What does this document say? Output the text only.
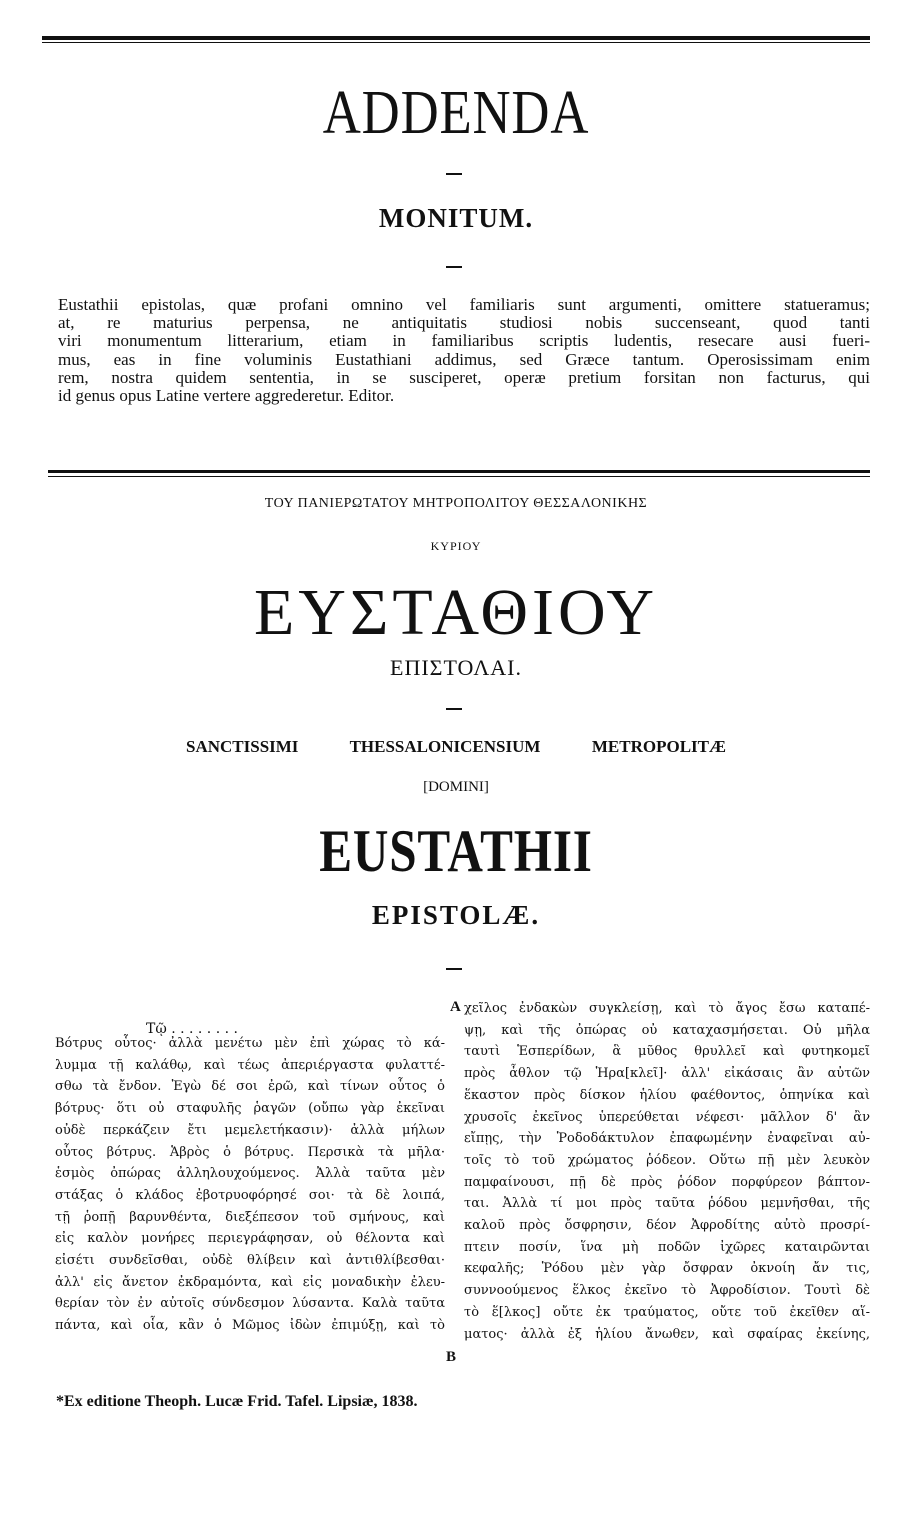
ADDENDA
MONITUM.
Eustathii epistolas, quæ profani omnino vel familiaris sunt argumenti, omittere statueramus;
at, re maturius perpensa, ne antiquitatis studiosi nobis succenseant, quod tanti
viri monumentum litterarium, etiam in familiaribus scriptis ludentis, resecare ausi fueri-
mus, eas in fine voluminis Eustathiani addimus, sed Græce tantum. Operosissimam enim
rem, nostra quidem sententia, in se susciperet, operæ pretium forsitan non facturus, qui
id genus opus Latine vertere aggrederetur. Editor.
ΤΟΥ ΠΑΝΙΕΡΩΤΑΤΟΥ ΜΗΤΡΟΠΟΛΙΤΟΥ ΘΕΣΣΑΛΟΝΙΚΗΣ
ΚΥΡΙΟΥ
ΕΥΣΤΑΘΙΟΥ
ΕΠΙΣΤΟΛΑΙ.
SANCTISSIMI THESSALONICENSIUM METROPOLITÆ
[DOMINI]
EUSTATHII
EPISTOLÆ.
A
B
Τῷ . . . . . . . .
Βότρυς οὗτος· ἀλλὰ μενέτω μὲν ἐπὶ χώρας τὸ κά-
λυμμα τῇ καλάθῳ, καὶ τέως ἀπεριέργαστα φυλαττέ-
σθω τὰ ἔνδον. Ἐγὼ δέ σοι ἐρῶ, καὶ τίνων οὗτος ὁ
βότρυς· ὅτι οὐ σταφυλῆς ῥαγῶν (οὔπω γὰρ ἐκεῖναι
οὐδὲ περκάζειν ἔτι μεμελετήκασιν)· ἀλλὰ μήλων
οὗτος βότρυς. Ἁβρὸς ὁ βότρυς. Περσικὰ τὰ μῆλα·
ἑσμὸς ὀπώρας ἀλληλουχούμενος. Ἀλλὰ ταῦτα μὲν
στάξας ὁ κλάδος ἐβοτρυοφόρησέ σοι· τὰ δὲ λοιπά,
τῇ ῥοπῇ βαρυνθέντα, διεξέπεσον τοῦ σμήνους, καὶ
εἰς καλὸν μονήρες περιεγράφησαν, οὐ θέλοντα καὶ
εἰσέτι συνδεῖσθαι, οὐδὲ θλίβειν καὶ ἀντιθλίβεσθαι·
ἀλλ' εἰς ἄνετον ἐκδραμόντα, καὶ εἰς μοναδικὴν ἐλευ-
θερίαν τὸν ἐν αὐτοῖς σύνδεσμον λύσαντα. Καλὰ ταῦτα
πάντα, καὶ οἷα, κἂν ὁ Μῶμος ἰδὼν ἐπιμύξῃ, καὶ τὸ
χεῖλος ἐνδακὼν συγκλείσῃ, καὶ τὸ ἄγος ἔσω καταπέ-
ψῃ, καὶ τῆς ὀπώρας οὐ καταχασμήσεται. Οὐ μῆλα
ταυτὶ Ἑσπερίδων, ἃ μῦθος θρυλλεῖ καὶ φυτηκομεῖ
πρὸς ἆθλον τῷ Ἡρα[κλεῖ]· ἀλλ' εἰκάσαις ἂν αὐτῶν
ἕκαστον πρὸς δίσκον ἡλίου φαέθοντος, ὁπηνίκα καὶ
χρυσοῖς ἐκεῖνος ὑπερεύθεται νέφεσι· μᾶλλον δ' ἂν
εἴπῃς, τὴν Ῥοδοδάκτυλον ἐπαφωμένην ἐναφεῖναι αὐ-
τοῖς τὸ τοῦ χρώματος ῥόδεον. Οὕτω πῇ μὲν λευκὸν
παμφαίνουσι, πῇ δὲ πρὸς ῥόδον πορφύρεον βάπτον-
ται. Ἀλλὰ τί μοι πρὸς ταῦτα ῥόδου μεμνῆσθαι, τῆς
καλοῦ πρὸς ὄσφρησιν, δέον Ἀφροδίτης αὐτὸ προσρί-
πτειν ποσίν, ἵνα μὴ ποδῶν ἰχῶρες καταιρῶνται
κεφαλῆς; Ῥόδου μὲν γὰρ ὄσφραν ὀκνοίη ἄν τις,
συννοούμενος ἕλκος ἐκεῖνο τὸ Ἀφροδίσιον. Τουτὶ δὲ
τὸ ἕ[λκος] οὔτε ἐκ τραύματος, οὔτε τοῦ ἐκεῖθεν αἵ-
ματος· ἀλλὰ ἐξ ἡλίου ἄνωθεν, καὶ σφαίρας ἐκείνης,
*Ex editione Theoph. Lucæ Frid. Tafel. Lipsiæ, 1838.
